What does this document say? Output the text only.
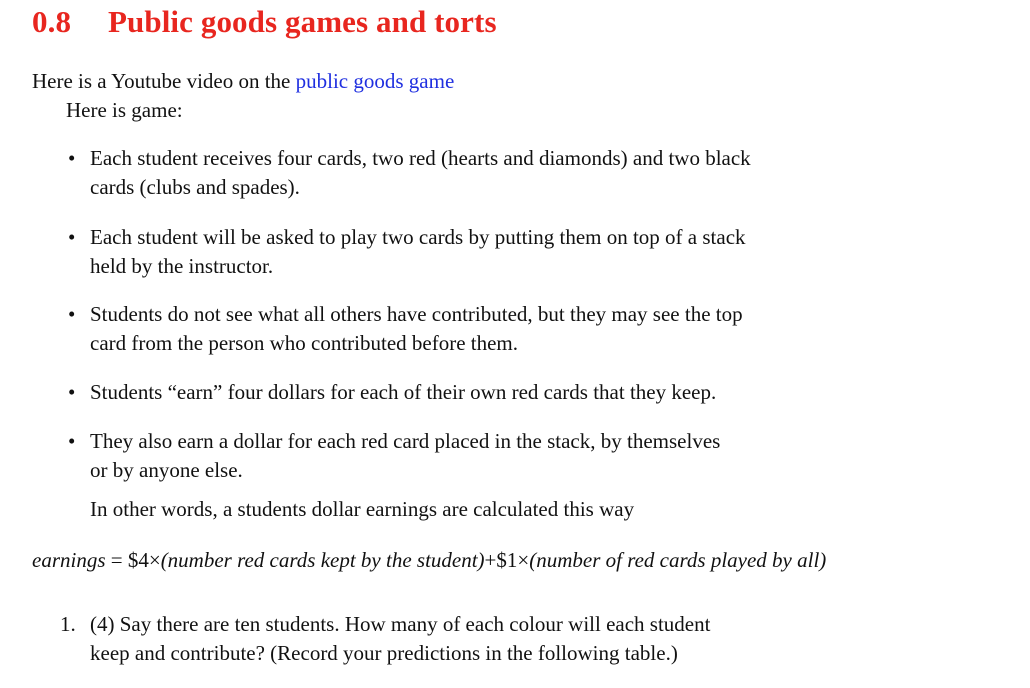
0.8 Public goods games and torts
Here is a Youtube video on the public goods game
Here is game:
• Each student receives four cards, two red (hearts and diamonds) and two black
cards (clubs and spades).
• Each student will be asked to play two cards by putting them on top of a stack
held by the instructor.
• Students do not see what all others have contributed, but they may see the top
card from the person who contributed before them.
• Students “earn” four dollars for each of their own red cards that they keep.
• They also earn a dollar for each red card placed in the stack, by themselves
or by anyone else.
In other words, a students dollar earnings are calculated this way
earnings = $4×(number red cards kept by the student)+$1×(number of red cards played by all)
1. (4) Say there are ten students. How many of each colour will each student
keep and contribute? (Record your predictions in the following table.)
